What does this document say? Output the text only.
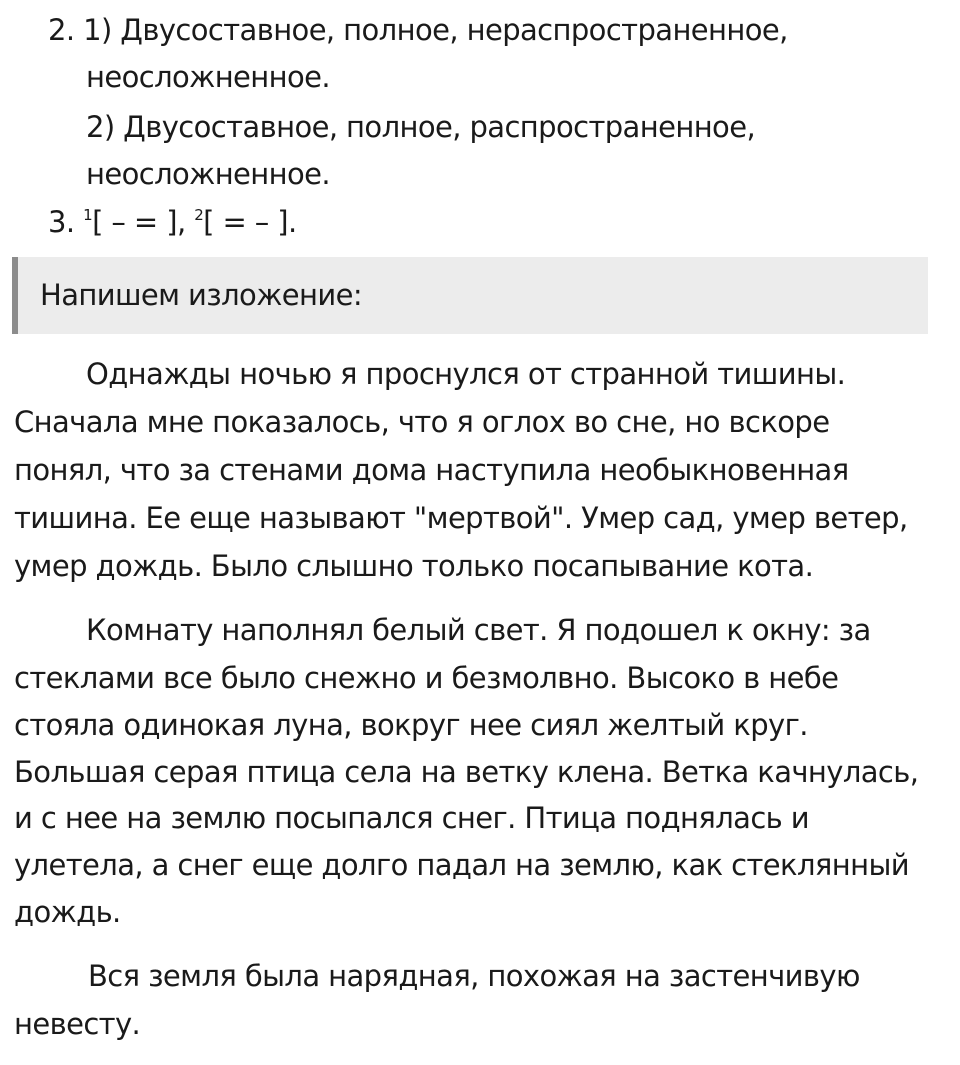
2. 1) Двусоставное, полное, нераспространенное,
неосложненное.
2) Двусоставное, полное, распространенное,
неосложненное.
3. $^1$[ – = ], $^2$[ = – ].
Напишем изложение:
Однажды ночью я проснулся от странной тишины.
Сначала мне показалось, что я оглох во сне, но вскоре
понял, что за стенами дома наступила необыкновенная
тишина. Ее еще называют "мертвой". Умер сад, умер ветер,
умер дождь. Было слышно только посапывание кота.
Комнату наполнял белый свет. Я подошел к окну: за
стеклами все было снежно и безмолвно. Высоко в небе
стояла одинокая луна, вокруг нее сиял желтый круг.
Большая серая птица села на ветку клена. Ветка качнулась,
и с нее на землю посыпался снег. Птица поднялась и
улетела, а снег еще долго падал на землю, как стеклянный
дождь.
Вся земля была нарядная, похожая на застенчивую
невесту.
